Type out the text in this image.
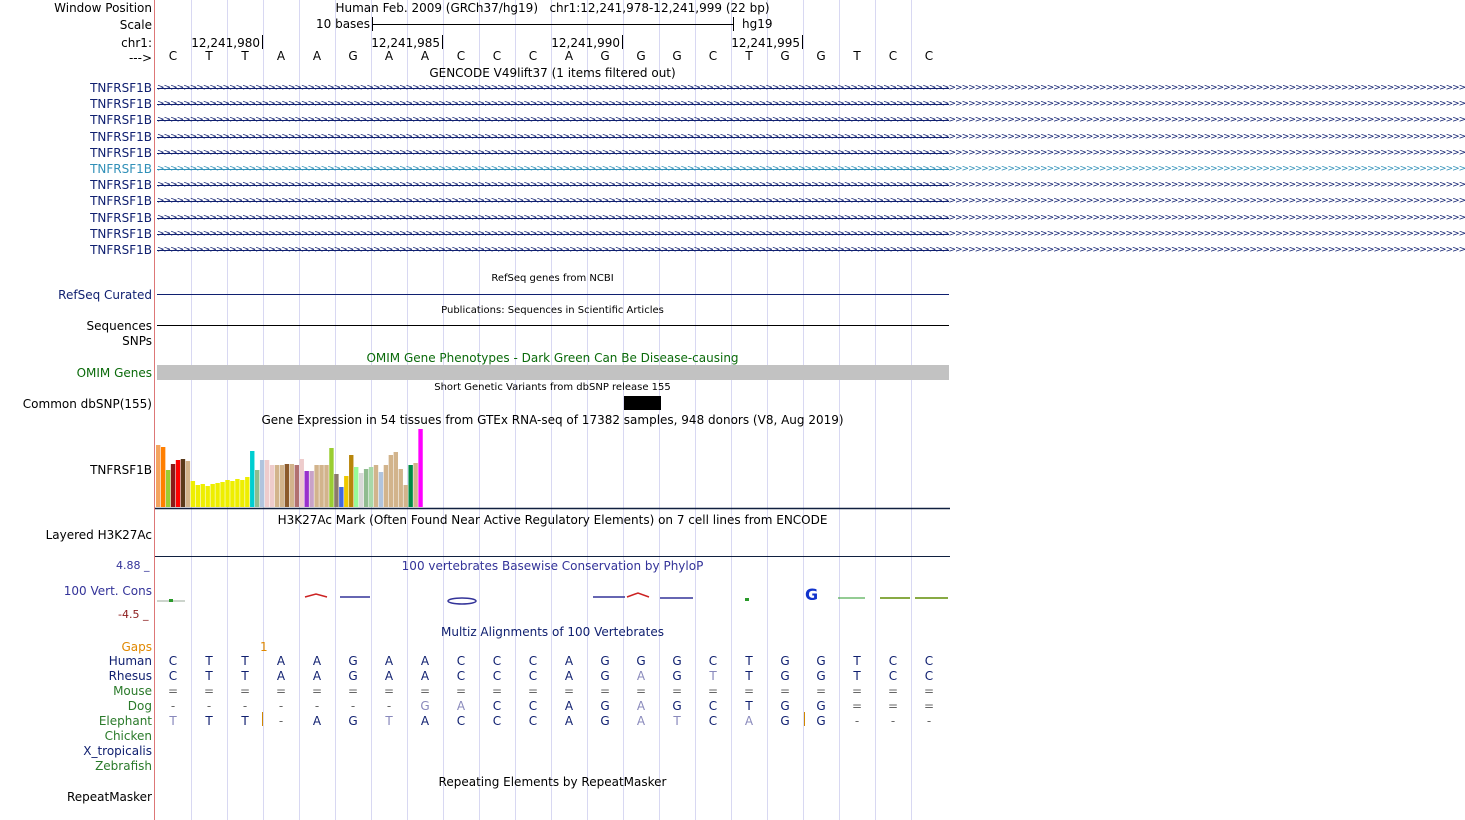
Window Position	Human Feb. 2009 (GRCh37/hg19) chr1:12,241,978-12,241,999 (22 bp)
Scale	10 bases	hg19
chr1:	12,241,980	12,241,985	12,241,990	12,241,995
--->	C	T	T	A	A	G	A	A	C	C	C	A	G	G	G	C	T	G	G	T	C	C
GENCODE V49lift37 (1 items filtered out)
TNFRSF1B >>>>>>>>>>>>>>>>>>>>>>>>>>>>>>>>>>>>>>>>>>>>>>>>>>>>>>>>>>>>>>>>>>>>>>>>>>>>>>>>>>>>>>>>>>>>>>>>>>>>>>>>>>>>>>>>>>>>>>>>>>>>>>>>>>>>>>>>>>>>>>>>>>>>>>>>>>>>>>>>>>>>>>>>>>>>>>>>>>>>>>>>>>>>>>>>>>>>>>>>
TNFRSF1B >>>>>>>>>>>>>>>>>>>>>>>>>>>>>>>>>>>>>>>>>>>>>>>>>>>>>>>>>>>>>>>>>>>>>>>>>>>>>>>>>>>>>>>>>>>>>>>>>>>>>>>>>>>>>>>>>>>>>>>>>>>>>>>>>>>>>>>>>>>>>>>>>>>>>>>>>>>>>>>>>>>>>>>>>>>>>>>>>>>>>>>>>>>>>>>>>>>>>>>>
TNFRSF1B >>>>>>>>>>>>>>>>>>>>>>>>>>>>>>>>>>>>>>>>>>>>>>>>>>>>>>>>>>>>>>>>>>>>>>>>>>>>>>>>>>>>>>>>>>>>>>>>>>>>>>>>>>>>>>>>>>>>>>>>>>>>>>>>>>>>>>>>>>>>>>>>>>>>>>>>>>>>>>>>>>>>>>>>>>>>>>>>>>>>>>>>>>>>>>>>>>>>>>>>
TNFRSF1B >>>>>>>>>>>>>>>>>>>>>>>>>>>>>>>>>>>>>>>>>>>>>>>>>>>>>>>>>>>>>>>>>>>>>>>>>>>>>>>>>>>>>>>>>>>>>>>>>>>>>>>>>>>>>>>>>>>>>>>>>>>>>>>>>>>>>>>>>>>>>>>>>>>>>>>>>>>>>>>>>>>>>>>>>>>>>>>>>>>>>>>>>>>>>>>>>>>>>>>>
TNFRSF1B >>>>>>>>>>>>>>>>>>>>>>>>>>>>>>>>>>>>>>>>>>>>>>>>>>>>>>>>>>>>>>>>>>>>>>>>>>>>>>>>>>>>>>>>>>>>>>>>>>>>>>>>>>>>>>>>>>>>>>>>>>>>>>>>>>>>>>>>>>>>>>>>>>>>>>>>>>>>>>>>>>>>>>>>>>>>>>>>>>>>>>>>>>>>>>>>>>>>>>>>
TNFRSF1B >>>>>>>>>>>>>>>>>>>>>>>>>>>>>>>>>>>>>>>>>>>>>>>>>>>>>>>>>>>>>>>>>>>>>>>>>>>>>>>>>>>>>>>>>>>>>>>>>>>>>>>>>>>>>>>>>>>>>>>>>>>>>>>>>>>>>>>>>>>>>>>>>>>>>>>>>>>>>>>>>>>>>>>>>>>>>>>>>>>>>>>>>>>>>>>>>>>>>>>>
TNFRSF1B >>>>>>>>>>>>>>>>>>>>>>>>>>>>>>>>>>>>>>>>>>>>>>>>>>>>>>>>>>>>>>>>>>>>>>>>>>>>>>>>>>>>>>>>>>>>>>>>>>>>>>>>>>>>>>>>>>>>>>>>>>>>>>>>>>>>>>>>>>>>>>>>>>>>>>>>>>>>>>>>>>>>>>>>>>>>>>>>>>>>>>>>>>>>>>>>>>>>>>>>
TNFRSF1B >>>>>>>>>>>>>>>>>>>>>>>>>>>>>>>>>>>>>>>>>>>>>>>>>>>>>>>>>>>>>>>>>>>>>>>>>>>>>>>>>>>>>>>>>>>>>>>>>>>>>>>>>>>>>>>>>>>>>>>>>>>>>>>>>>>>>>>>>>>>>>>>>>>>>>>>>>>>>>>>>>>>>>>>>>>>>>>>>>>>>>>>>>>>>>>>>>>>>>>>
TNFRSF1B >>>>>>>>>>>>>>>>>>>>>>>>>>>>>>>>>>>>>>>>>>>>>>>>>>>>>>>>>>>>>>>>>>>>>>>>>>>>>>>>>>>>>>>>>>>>>>>>>>>>>>>>>>>>>>>>>>>>>>>>>>>>>>>>>>>>>>>>>>>>>>>>>>>>>>>>>>>>>>>>>>>>>>>>>>>>>>>>>>>>>>>>>>>>>>>>>>>>>>>>
TNFRSF1B >>>>>>>>>>>>>>>>>>>>>>>>>>>>>>>>>>>>>>>>>>>>>>>>>>>>>>>>>>>>>>>>>>>>>>>>>>>>>>>>>>>>>>>>>>>>>>>>>>>>>>>>>>>>>>>>>>>>>>>>>>>>>>>>>>>>>>>>>>>>>>>>>>>>>>>>>>>>>>>>>>>>>>>>>>>>>>>>>>>>>>>>>>>>>>>>>>>>>>>>
TNFRSF1B >>>>>>>>>>>>>>>>>>>>>>>>>>>>>>>>>>>>>>>>>>>>>>>>>>>>>>>>>>>>>>>>>>>>>>>>>>>>>>>>>>>>>>>>>>>>>>>>>>>>>>>>>>>>>>>>>>>>>>>>>>>>>>>>>>>>>>>>>>>>>>>>>>>>>>>>>>>>>>>>>>>>>>>>>>>>>>>>>>>>>>>>>>>>>>>>>>>>>>>>
RefSeq genes from NCBI
RefSeq Curated
Publications: Sequences in Scientific Articles
Sequences
SNPs
OMIM Gene Phenotypes - Dark Green Can Be Disease-causing
OMIM Genes
Short Genetic Variants from dbSNP release 155
Common dbSNP(155)
Gene Expression in 54 tissues from GTEx RNA-seq of 17382 samples, 948 donors (V8, Aug 2019)
TNFRSF1B
H3K27Ac Mark (Often Found Near Active Regulatory Elements) on 7 cell lines from ENCODE
Layered H3K27Ac
100 vertebrates Basewise Conservation by PhyloP
4.88 _
100 Vert. Cons
-4.5 _
G
Multiz Alignments of 100 Vertebrates
Gaps	1
Human	C	T	T	A	A	G	A	A	C	C	C	A	G	G	G	C	T	G	G	T	C	C
Rhesus	C	T	T	A	A	G	A	A	C	C	C	A	G	A	G	T	T	G	G	T	C	C
Mouse	=	=	=	=	=	=	=	=	=	=	=	=	=	=	=	=	=	=	=	=	=	=
Dog	-	-	-	-	-	-	-	G	A	C	C	A	G	A	G	C	T	G	G	=	=	=
Elephant	T	T	T	-	A	G	T	A	C	C	C	A	G	A	T	C	A	G	G	-	-	-
Chicken
X_tropicalis
Zebrafish
Repeating Elements by RepeatMasker
RepeatMasker
